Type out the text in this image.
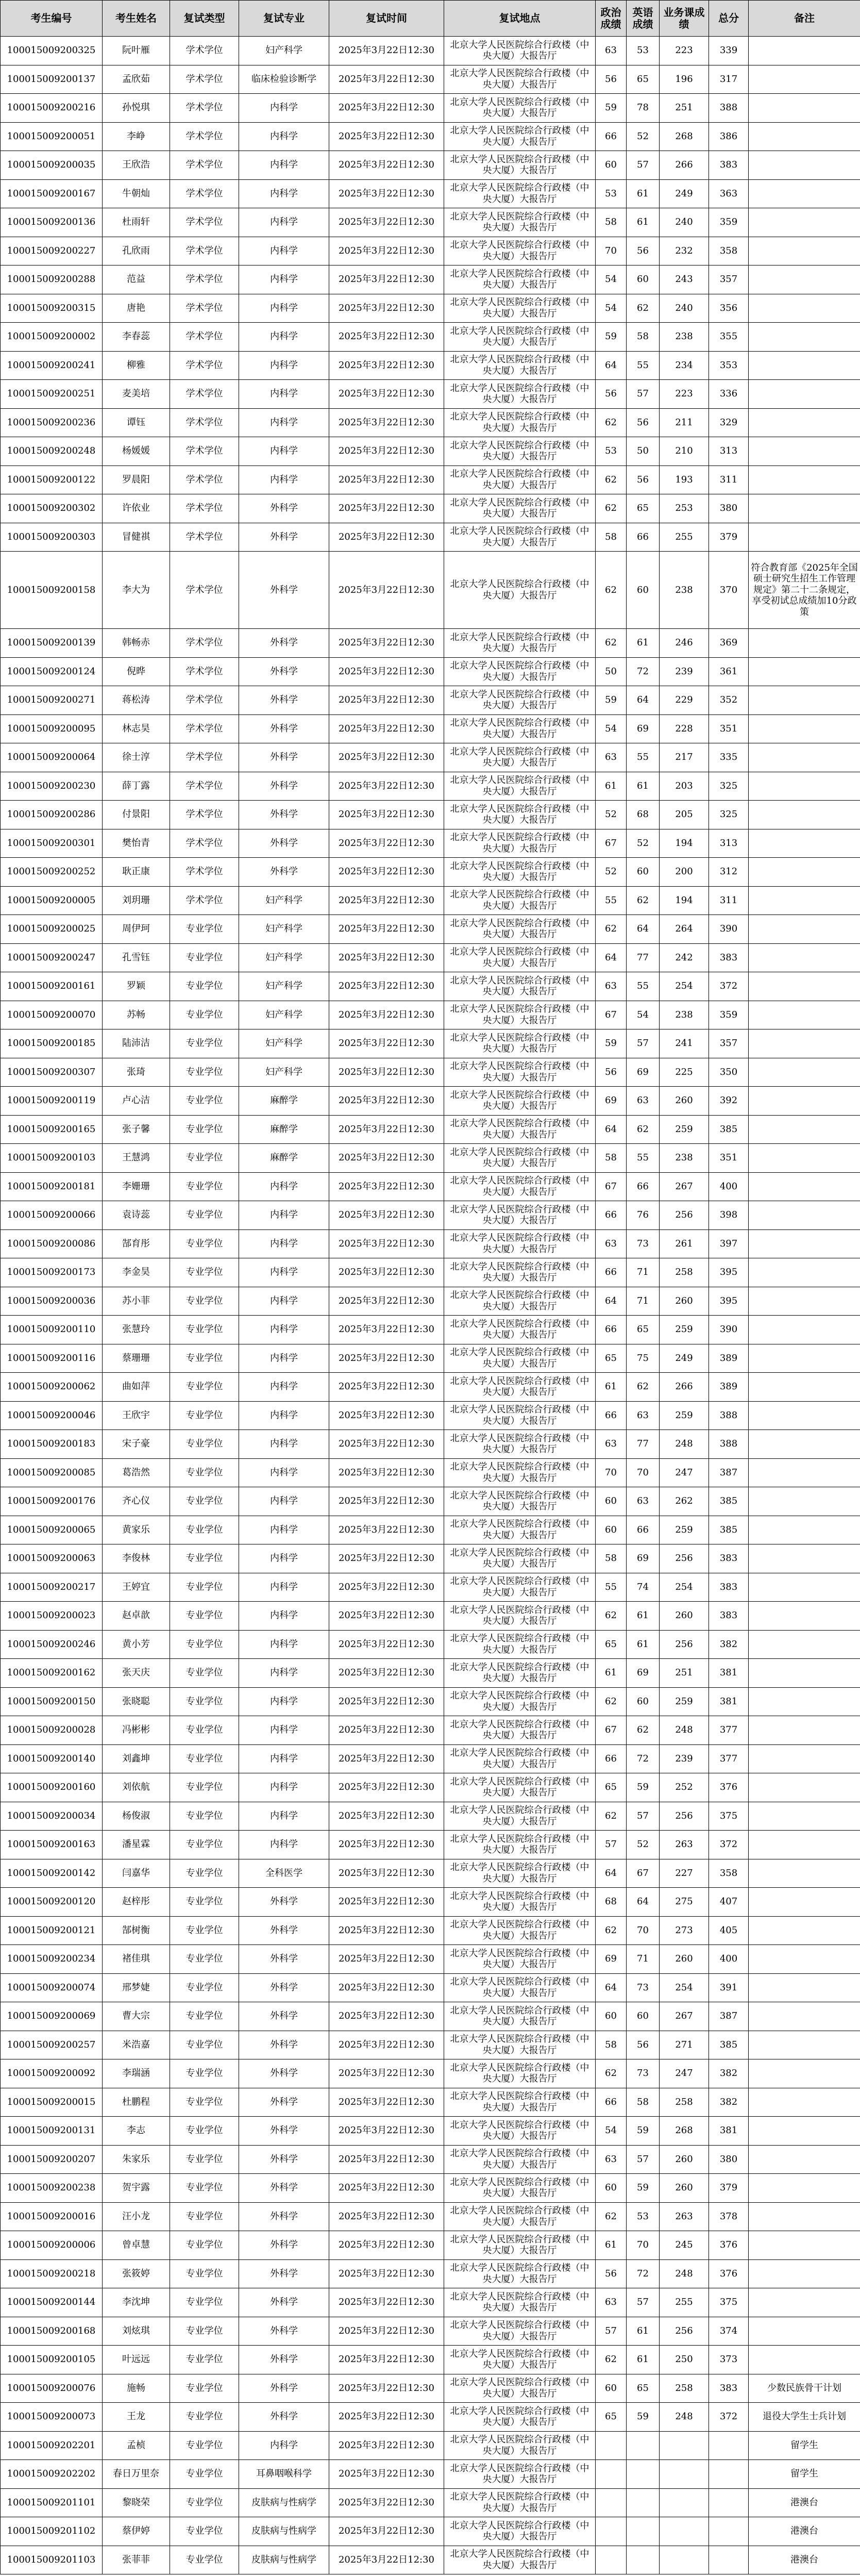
考生编号	考生姓名	复试类型	复试专业	复试时间	复试地点	政治成绩	英语成绩	业务课成绩	总分	备注
100015009200325	阮叶雁	学术学位	妇产科学	2025年3月22日12:30	北京大学人民医院综合行政楼（中央大厦）大报告厅	63	53	223	339	
100015009200137	孟欣茹	学术学位	临床检验诊断学	2025年3月22日12:30	北京大学人民医院综合行政楼（中央大厦）大报告厅	56	65	196	317	
100015009200216	孙悦琪	学术学位	内科学	2025年3月22日12:30	北京大学人民医院综合行政楼（中央大厦）大报告厅	59	78	251	388	
100015009200051	李峥	学术学位	内科学	2025年3月22日12:30	北京大学人民医院综合行政楼（中央大厦）大报告厅	66	52	268	386	
100015009200035	王欣浩	学术学位	内科学	2025年3月22日12:30	北京大学人民医院综合行政楼（中央大厦）大报告厅	60	57	266	383	
100015009200167	牛朝灿	学术学位	内科学	2025年3月22日12:30	北京大学人民医院综合行政楼（中央大厦）大报告厅	53	61	249	363	
100015009200136	杜雨轩	学术学位	内科学	2025年3月22日12:30	北京大学人民医院综合行政楼（中央大厦）大报告厅	58	61	240	359	
100015009200227	孔欣雨	学术学位	内科学	2025年3月22日12:30	北京大学人民医院综合行政楼（中央大厦）大报告厅	70	56	232	358	
100015009200288	范益	学术学位	内科学	2025年3月22日12:30	北京大学人民医院综合行政楼（中央大厦）大报告厅	54	60	243	357	
100015009200315	唐艳	学术学位	内科学	2025年3月22日12:30	北京大学人民医院综合行政楼（中央大厦）大报告厅	54	62	240	356	
100015009200002	李春蕊	学术学位	内科学	2025年3月22日12:30	北京大学人民医院综合行政楼（中央大厦）大报告厅	59	58	238	355	
100015009200241	柳雅	学术学位	内科学	2025年3月22日12:30	北京大学人民医院综合行政楼（中央大厦）大报告厅	64	55	234	353	
100015009200251	麦美培	学术学位	内科学	2025年3月22日12:30	北京大学人民医院综合行政楼（中央大厦）大报告厅	56	57	223	336	
100015009200236	谭钰	学术学位	内科学	2025年3月22日12:30	北京大学人民医院综合行政楼（中央大厦）大报告厅	62	56	211	329	
100015009200248	杨媛媛	学术学位	内科学	2025年3月22日12:30	北京大学人民医院综合行政楼（中央大厦）大报告厅	53	50	210	313	
100015009200122	罗晨阳	学术学位	内科学	2025年3月22日12:30	北京大学人民医院综合行政楼（中央大厦）大报告厅	62	56	193	311	
100015009200302	许依业	学术学位	外科学	2025年3月22日12:30	北京大学人民医院综合行政楼（中央大厦）大报告厅	62	65	253	380	
100015009200303	冒健祺	学术学位	外科学	2025年3月22日12:30	北京大学人民医院综合行政楼（中央大厦）大报告厅	58	66	255	379	
100015009200158	李大为	学术学位	外科学	2025年3月22日12:30	北京大学人民医院综合行政楼（中央大厦）大报告厅	62	60	238	370	符合教育部《2025年全国硕士研究生招生工作管理规定》第二十二条规定，享受初试总成绩加10分政策
100015009200139	韩畅赤	学术学位	外科学	2025年3月22日12:30	北京大学人民医院综合行政楼（中央大厦）大报告厅	62	61	246	369	
100015009200124	倪晔	学术学位	外科学	2025年3月22日12:30	北京大学人民医院综合行政楼（中央大厦）大报告厅	50	72	239	361	
100015009200271	蒋松涛	学术学位	外科学	2025年3月22日12:30	北京大学人民医院综合行政楼（中央大厦）大报告厅	59	64	229	352	
100015009200095	林志昊	学术学位	外科学	2025年3月22日12:30	北京大学人民医院综合行政楼（中央大厦）大报告厅	54	69	228	351	
100015009200064	徐士淳	学术学位	外科学	2025年3月22日12:30	北京大学人民医院综合行政楼（中央大厦）大报告厅	63	55	217	335	
100015009200230	薛丁露	学术学位	外科学	2025年3月22日12:30	北京大学人民医院综合行政楼（中央大厦）大报告厅	61	61	203	325	
100015009200286	付景阳	学术学位	外科学	2025年3月22日12:30	北京大学人民医院综合行政楼（中央大厦）大报告厅	52	68	205	325	
100015009200301	樊怡青	学术学位	外科学	2025年3月22日12:30	北京大学人民医院综合行政楼（中央大厦）大报告厅	67	52	194	313	
100015009200252	耿正康	学术学位	外科学	2025年3月22日12:30	北京大学人民医院综合行政楼（中央大厦）大报告厅	52	60	200	312	
100015009200005	刘玥珊	学术学位	妇产科学	2025年3月22日12:30	北京大学人民医院综合行政楼（中央大厦）大报告厅	55	62	194	311	
100015009200025	周伊珂	专业学位	妇产科学	2025年3月22日12:30	北京大学人民医院综合行政楼（中央大厦）大报告厅	62	64	264	390	
100015009200247	孔雪钰	专业学位	妇产科学	2025年3月22日12:30	北京大学人民医院综合行政楼（中央大厦）大报告厅	64	77	242	383	
100015009200161	罗颖	专业学位	妇产科学	2025年3月22日12:30	北京大学人民医院综合行政楼（中央大厦）大报告厅	63	55	254	372	
100015009200070	苏畅	专业学位	妇产科学	2025年3月22日12:30	北京大学人民医院综合行政楼（中央大厦）大报告厅	67	54	238	359	
100015009200185	陆沛洁	专业学位	妇产科学	2025年3月22日12:30	北京大学人民医院综合行政楼（中央大厦）大报告厅	59	57	241	357	
100015009200307	张琦	专业学位	妇产科学	2025年3月22日12:30	北京大学人民医院综合行政楼（中央大厦）大报告厅	56	69	225	350	
100015009200119	卢心洁	专业学位	麻醉学	2025年3月22日12:30	北京大学人民医院综合行政楼（中央大厦）大报告厅	69	63	260	392	
100015009200165	张子馨	专业学位	麻醉学	2025年3月22日12:30	北京大学人民医院综合行政楼（中央大厦）大报告厅	64	62	259	385	
100015009200103	王慧鸿	专业学位	麻醉学	2025年3月22日12:30	北京大学人民医院综合行政楼（中央大厦）大报告厅	58	55	238	351	
100015009200181	李姗珊	专业学位	内科学	2025年3月22日12:30	北京大学人民医院综合行政楼（中央大厦）大报告厅	67	66	267	400	
100015009200066	袁诗蕊	专业学位	内科学	2025年3月22日12:30	北京大学人民医院综合行政楼（中央大厦）大报告厅	66	76	256	398	
100015009200086	郜育彤	专业学位	内科学	2025年3月22日12:30	北京大学人民医院综合行政楼（中央大厦）大报告厅	63	73	261	397	
100015009200173	李金昊	专业学位	内科学	2025年3月22日12:30	北京大学人民医院综合行政楼（中央大厦）大报告厅	66	71	258	395	
100015009200036	苏小菲	专业学位	内科学	2025年3月22日12:30	北京大学人民医院综合行政楼（中央大厦）大报告厅	64	71	260	395	
100015009200110	张慧玲	专业学位	内科学	2025年3月22日12:30	北京大学人民医院综合行政楼（中央大厦）大报告厅	66	65	259	390	
100015009200116	蔡珊珊	专业学位	内科学	2025年3月22日12:30	北京大学人民医院综合行政楼（中央大厦）大报告厅	65	75	249	389	
100015009200062	曲如萍	专业学位	内科学	2025年3月22日12:30	北京大学人民医院综合行政楼（中央大厦）大报告厅	61	62	266	389	
100015009200046	王欣宇	专业学位	内科学	2025年3月22日12:30	北京大学人民医院综合行政楼（中央大厦）大报告厅	66	63	259	388	
100015009200183	宋子豪	专业学位	内科学	2025年3月22日12:30	北京大学人民医院综合行政楼（中央大厦）大报告厅	63	77	248	388	
100015009200085	葛浩然	专业学位	内科学	2025年3月22日12:30	北京大学人民医院综合行政楼（中央大厦）大报告厅	70	70	247	387	
100015009200176	齐心仪	专业学位	内科学	2025年3月22日12:30	北京大学人民医院综合行政楼（中央大厦）大报告厅	60	63	262	385	
100015009200065	黄家乐	专业学位	内科学	2025年3月22日12:30	北京大学人民医院综合行政楼（中央大厦）大报告厅	60	66	259	385	
100015009200063	李俊林	专业学位	内科学	2025年3月22日12:30	北京大学人民医院综合行政楼（中央大厦）大报告厅	58	69	256	383	
100015009200217	王婷宜	专业学位	内科学	2025年3月22日12:30	北京大学人民医院综合行政楼（中央大厦）大报告厅	55	74	254	383	
100015009200023	赵卓歆	专业学位	内科学	2025年3月22日12:30	北京大学人民医院综合行政楼（中央大厦）大报告厅	62	61	260	383	
100015009200246	黄小芳	专业学位	内科学	2025年3月22日12:30	北京大学人民医院综合行政楼（中央大厦）大报告厅	65	61	256	382	
100015009200162	张天庆	专业学位	内科学	2025年3月22日12:30	北京大学人民医院综合行政楼（中央大厦）大报告厅	61	69	251	381	
100015009200150	张晓聪	专业学位	内科学	2025年3月22日12:30	北京大学人民医院综合行政楼（中央大厦）大报告厅	62	60	259	381	
100015009200028	冯彬彬	专业学位	内科学	2025年3月22日12:30	北京大学人民医院综合行政楼（中央大厦）大报告厅	67	62	248	377	
100015009200140	刘鑫坤	专业学位	内科学	2025年3月22日12:30	北京大学人民医院综合行政楼（中央大厦）大报告厅	66	72	239	377	
100015009200160	刘依航	专业学位	内科学	2025年3月22日12:30	北京大学人民医院综合行政楼（中央大厦）大报告厅	65	59	252	376	
100015009200034	杨俊淑	专业学位	内科学	2025年3月22日12:30	北京大学人民医院综合行政楼（中央大厦）大报告厅	62	57	256	375	
100015009200163	潘星霖	专业学位	内科学	2025年3月22日12:30	北京大学人民医院综合行政楼（中央大厦）大报告厅	57	52	263	372	
100015009200142	闫嘉华	专业学位	全科医学	2025年3月22日12:30	北京大学人民医院综合行政楼（中央大厦）大报告厅	64	67	227	358	
100015009200120	赵梓彤	专业学位	外科学	2025年3月22日12:30	北京大学人民医院综合行政楼（中央大厦）大报告厅	68	64	275	407	
100015009200121	郜树衡	专业学位	外科学	2025年3月22日12:30	北京大学人民医院综合行政楼（中央大厦）大报告厅	62	70	273	405	
100015009200234	褚佳琪	专业学位	外科学	2025年3月22日12:30	北京大学人民医院综合行政楼（中央大厦）大报告厅	69	71	260	400	
100015009200074	邢梦婕	专业学位	外科学	2025年3月22日12:30	北京大学人民医院综合行政楼（中央大厦）大报告厅	64	73	254	391	
100015009200069	曹大宗	专业学位	外科学	2025年3月22日12:30	北京大学人民医院综合行政楼（中央大厦）大报告厅	60	60	267	387	
100015009200257	米浩嘉	专业学位	外科学	2025年3月22日12:30	北京大学人民医院综合行政楼（中央大厦）大报告厅	58	56	271	385	
100015009200092	李瑞涵	专业学位	外科学	2025年3月22日12:30	北京大学人民医院综合行政楼（中央大厦）大报告厅	62	73	247	382	
100015009200015	杜鹏程	专业学位	外科学	2025年3月22日12:30	北京大学人民医院综合行政楼（中央大厦）大报告厅	66	58	258	382	
100015009200131	李志	专业学位	外科学	2025年3月22日12:30	北京大学人民医院综合行政楼（中央大厦）大报告厅	54	59	268	381	
100015009200207	朱家乐	专业学位	外科学	2025年3月22日12:30	北京大学人民医院综合行政楼（中央大厦）大报告厅	63	57	260	380	
100015009200238	贺宇露	专业学位	外科学	2025年3月22日12:30	北京大学人民医院综合行政楼（中央大厦）大报告厅	60	59	260	379	
100015009200016	汪小龙	专业学位	外科学	2025年3月22日12:30	北京大学人民医院综合行政楼（中央大厦）大报告厅	62	53	263	378	
100015009200006	曾卓慧	专业学位	外科学	2025年3月22日12:30	北京大学人民医院综合行政楼（中央大厦）大报告厅	61	70	245	376	
100015009200218	张筱婷	专业学位	外科学	2025年3月22日12:30	北京大学人民医院综合行政楼（中央大厦）大报告厅	56	72	248	376	
100015009200144	李沈坤	专业学位	外科学	2025年3月22日12:30	北京大学人民医院综合行政楼（中央大厦）大报告厅	63	57	255	375	
100015009200168	刘炫琪	专业学位	外科学	2025年3月22日12:30	北京大学人民医院综合行政楼（中央大厦）大报告厅	57	61	256	374	
100015009200105	叶远远	专业学位	外科学	2025年3月22日12:30	北京大学人民医院综合行政楼（中央大厦）大报告厅	62	61	250	373	
100015009200076	施畅	专业学位	外科学	2025年3月22日12:30	北京大学人民医院综合行政楼（中央大厦）大报告厅	60	65	258	383	少数民族骨干计划
100015009200073	王龙	专业学位	外科学	2025年3月22日12:30	北京大学人民医院综合行政楼（中央大厦）大报告厅	65	59	248	372	退役大学生士兵计划
100015009202201	孟桢	专业学位	内科学	2025年3月22日12:30	北京大学人民医院综合行政楼（中央大厦）大报告厅					留学生
100015009202202	春日万里奈	专业学位	耳鼻咽喉科学	2025年3月22日12:30	北京大学人民医院综合行政楼（中央大厦）大报告厅					留学生
100015009201101	黎晓荣	专业学位	皮肤病与性病学	2025年3月22日12:30	北京大学人民医院综合行政楼（中央大厦）大报告厅					港澳台
100015009201102	蔡伊婷	专业学位	皮肤病与性病学	2025年3月22日12:30	北京大学人民医院综合行政楼（中央大厦）大报告厅					港澳台
100015009201103	张菲菲	专业学位	皮肤病与性病学	2025年3月22日12:30	北京大学人民医院综合行政楼（中央大厦）大报告厅					港澳台
